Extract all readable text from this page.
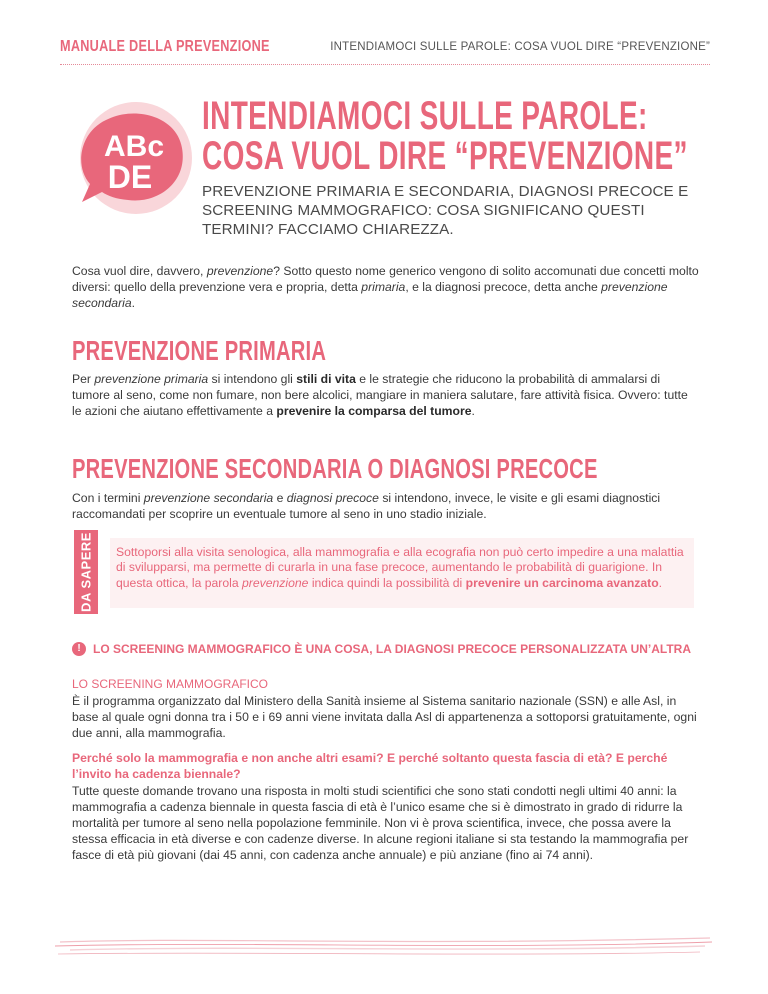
MANUALE DELLA PREVENZIONE	INTENDIAMOCI SULLE PAROLE: COSA VUOL DIRE “PREVENZIONE”
ABc
DE
INTENDIAMOCI SULLE PAROLE:
COSA VUOL DIRE “PREVENZIONE”

PREVENZIONE PRIMARIA E SECONDARIA, DIAGNOSI PRECOCE E SCREENING MAMMOGRAFICO: COSA SIGNIFICANO QUESTI TERMINI? FACCIAMO CHIAREZZA.

Cosa vuol dire, davvero, prevenzione? Sotto questo nome generico vengono di solito accomunati due concetti molto diversi: quello della prevenzione vera e propria, detta primaria, e la diagnosi precoce, detta anche prevenzione secondaria.

PREVENZIONE PRIMARIA

Per prevenzione primaria si intendono gli stili di vita e le strategie che riducono la probabilità di ammalarsi di tumore al seno, come non fumare, non bere alcolici, mangiare in maniera salutare, fare attività fisica. Ovvero: tutte le azioni che aiutano effettivamente a prevenire la comparsa del tumore.

PREVENZIONE SECONDARIA O DIAGNOSI PRECOCE

Con i termini prevenzione secondaria e diagnosi precoce si intendono, invece, le visite e gli esami diagnostici raccomandati per scoprire un eventuale tumore al seno in uno stadio iniziale.

DA SAPERE Sottoporsi alla visita senologica, alla mammografia e alla ecografia non può certo impedire a una malattia di svilupparsi, ma permette di curarla in una fase precoce, aumentando le probabilità di guarigione. In questa ottica, la parola prevenzione indica quindi la possibilità di prevenire un carcinoma avanzato.

!	LO SCREENING MAMMOGRAFICO È UNA COSA, LA DIAGNOSI PRECOCE PERSONALIZZATA UN’ALTRA

LO SCREENING MAMMOGRAFICO

È il programma organizzato dal Ministero della Sanità insieme al Sistema sanitario nazionale (SSN) e alle Asl, in base al quale ogni donna tra i 50 e i 69 anni viene invitata dalla Asl di appartenenza a sottoporsi gratuitamente, ogni due anni, alla mammografia.

Perché solo la mammografia e non anche altri esami? E perché soltanto questa fascia di età? E perché l’invito ha cadenza biennale?

Tutte queste domande trovano una risposta in molti studi scientifici che sono stati condotti negli ultimi 40 anni: la mammografia a cadenza biennale in questa fascia di età è l’unico esame che si è dimostrato in grado di ridurre la mortalità per tumore al seno nella popolazione femminile. Non vi è prova scientifica, invece, che possa avere la stessa efficacia in età diverse e con cadenze diverse. In alcune regioni italiane si sta testando la mammografia per fasce di età più giovani (dai 45 anni, con cadenza anche annuale) e più anziane (fino ai 74 anni).
